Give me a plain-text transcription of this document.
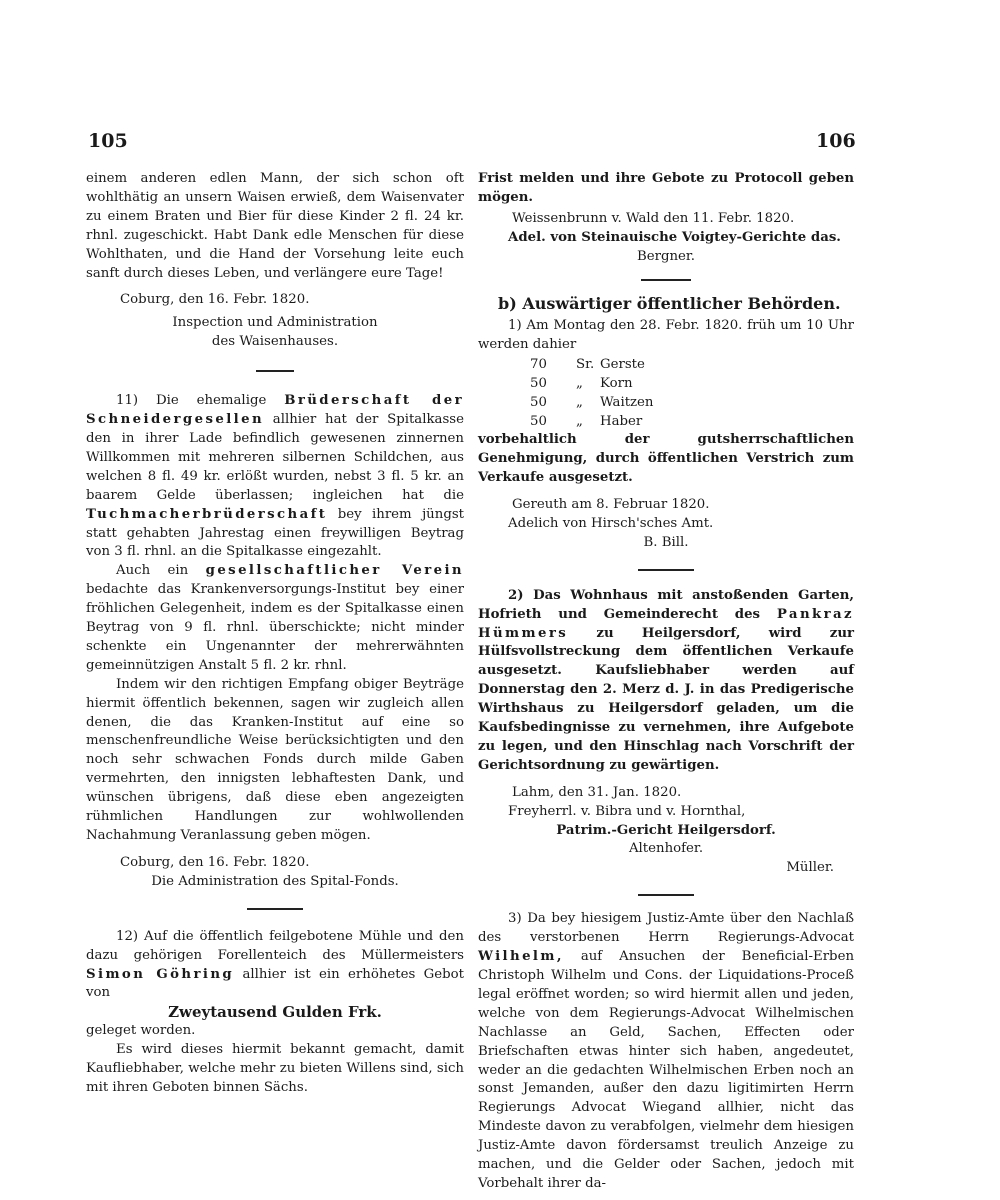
105	106

einem anderen edlen Mann, der sich schon oft wohlthätig an unsern Waisen erwieß, dem Waisenvater zu einem Braten und Bier für diese Kinder 2 fl. 24 kr. rhnl. zugeschickt. Habt Dank edle Menschen für diese Wohlthaten, und die Hand der Vorsehung leite euch sanft durch dieses Leben, und verlängere eure Tage!

Coburg, den 16. Febr. 1820.

Inspection und Administration

des Waisenhauses.

11) Die ehemalige Brüderschaft der Schneidergesellen allhier hat der Spitalkasse den in ihrer Lade befindlich gewesenen zinnernen Willkommen mit mehreren silbernen Schildchen, aus welchen 8 fl. 49 kr. erlößt wurden, nebst 3 fl. 5 kr. an baarem Gelde überlassen; ingleichen hat die Tuchmacherbrüderschaft bey ihrem jüngst statt gehabten Jahrestag einen freywilligen Beytrag von 3 fl. rhnl. an die Spitalkasse eingezahlt.

Auch ein gesellschaftlicher Verein bedachte das Krankenversorgungs-Institut bey einer fröhlichen Gelegenheit, indem es der Spitalkasse einen Beytrag von 9 fl. rhnl. überschickte; nicht minder schenkte ein Ungenannter der mehrerwähnten gemeinnützigen Anstalt 5 fl. 2 kr. rhnl.

Indem wir den richtigen Empfang obiger Beyträge hiermit öffentlich bekennen, sagen wir zugleich allen denen, die das Kranken-Institut auf eine so menschenfreundliche Weise berücksichtigten und den noch sehr schwachen Fonds durch milde Gaben vermehrten, den innigsten lebhaftesten Dank, und wünschen übrigens, daß diese eben angezeigten rühmlichen Handlungen zur wohlwollenden Nachahmung Veranlassung geben mögen.

Coburg, den 16. Febr. 1820.

Die Administration des Spital-Fonds.

12) Auf die öffentlich feilgebotene Mühle und den dazu gehörigen Forellenteich des Müllermeisters Simon Göhring allhier ist ein erhöhetes Gebot von

Zweytausend Gulden Frk.

geleget worden.

Es wird dieses hiermit bekannt gemacht, damit Kaufliebhaber, welche mehr zu bieten Willens sind, sich mit ihren Geboten binnen Sächs.

Frist melden und ihre Gebote zu Protocoll geben mögen.

Weissenbrunn v. Wald den 11. Febr. 1820.

Adel. von Steinauische Voigtey-Gerichte das.

Bergner.

b) Auswärtiger öffentlicher Behörden.

1) Am Montag den 28. Febr. 1820. früh um 10 Uhr werden dahier

70	Sr. Gerste
50	„	Korn
50	„	Waitzen
50	„	Haber

vorbehaltlich der gutsherrschaftlichen Genehmigung, durch öffentlichen Verstrich zum Verkaufe ausgesetzt.

Gereuth am 8. Februar 1820.

Adelich von Hirsch'sches Amt.

B. Bill.

2) Das Wohnhaus mit anstoßenden Garten, Hofrieth und Gemeinderecht des Pankraz Hümmers zu Heilgersdorf, wird zur Hülfsvollstreckung dem öffentlichen Verkaufe ausgesetzt. Kaufsliebhaber werden auf Donnerstag den 2. Merz d. J. in das Predigerische Wirthshaus zu Heilgersdorf geladen, um die Kaufsbedingnisse zu vernehmen, ihre Aufgebote zu legen, und den Hinschlag nach Vorschrift der Gerichtsordnung zu gewärtigen.

Lahm, den 31. Jan. 1820.

Freyherrl. v. Bibra und v. Hornthal,

Patrim.-Gericht Heilgersdorf.

Altenhofer.

Müller.

3) Da bey hiesigem Justiz-Amte über den Nachlaß des verstorbenen Herrn Regierungs-Advocat Wilhelm, auf Ansuchen der Beneficial-Erben Christoph Wilhelm und Cons. der Liquidations-Proceß legal eröffnet worden; so wird hiermit allen und jeden, welche von dem Regierungs-Advocat Wilhelmischen Nachlasse an Geld, Sachen, Effecten oder Briefschaften etwas hinter sich haben, angedeutet, weder an die gedachten Wilhelmischen Erben noch an sonst Jemanden, außer den dazu ligitimirten Herrn Regierungs Advocat Wiegand allhier, nicht das Mindeste davon zu verabfolgen, vielmehr dem hiesigen Justiz-Amte davon fördersamst treulich Anzeige zu machen, und die Gelder oder Sachen, jedoch mit Vorbehalt ihrer da-
